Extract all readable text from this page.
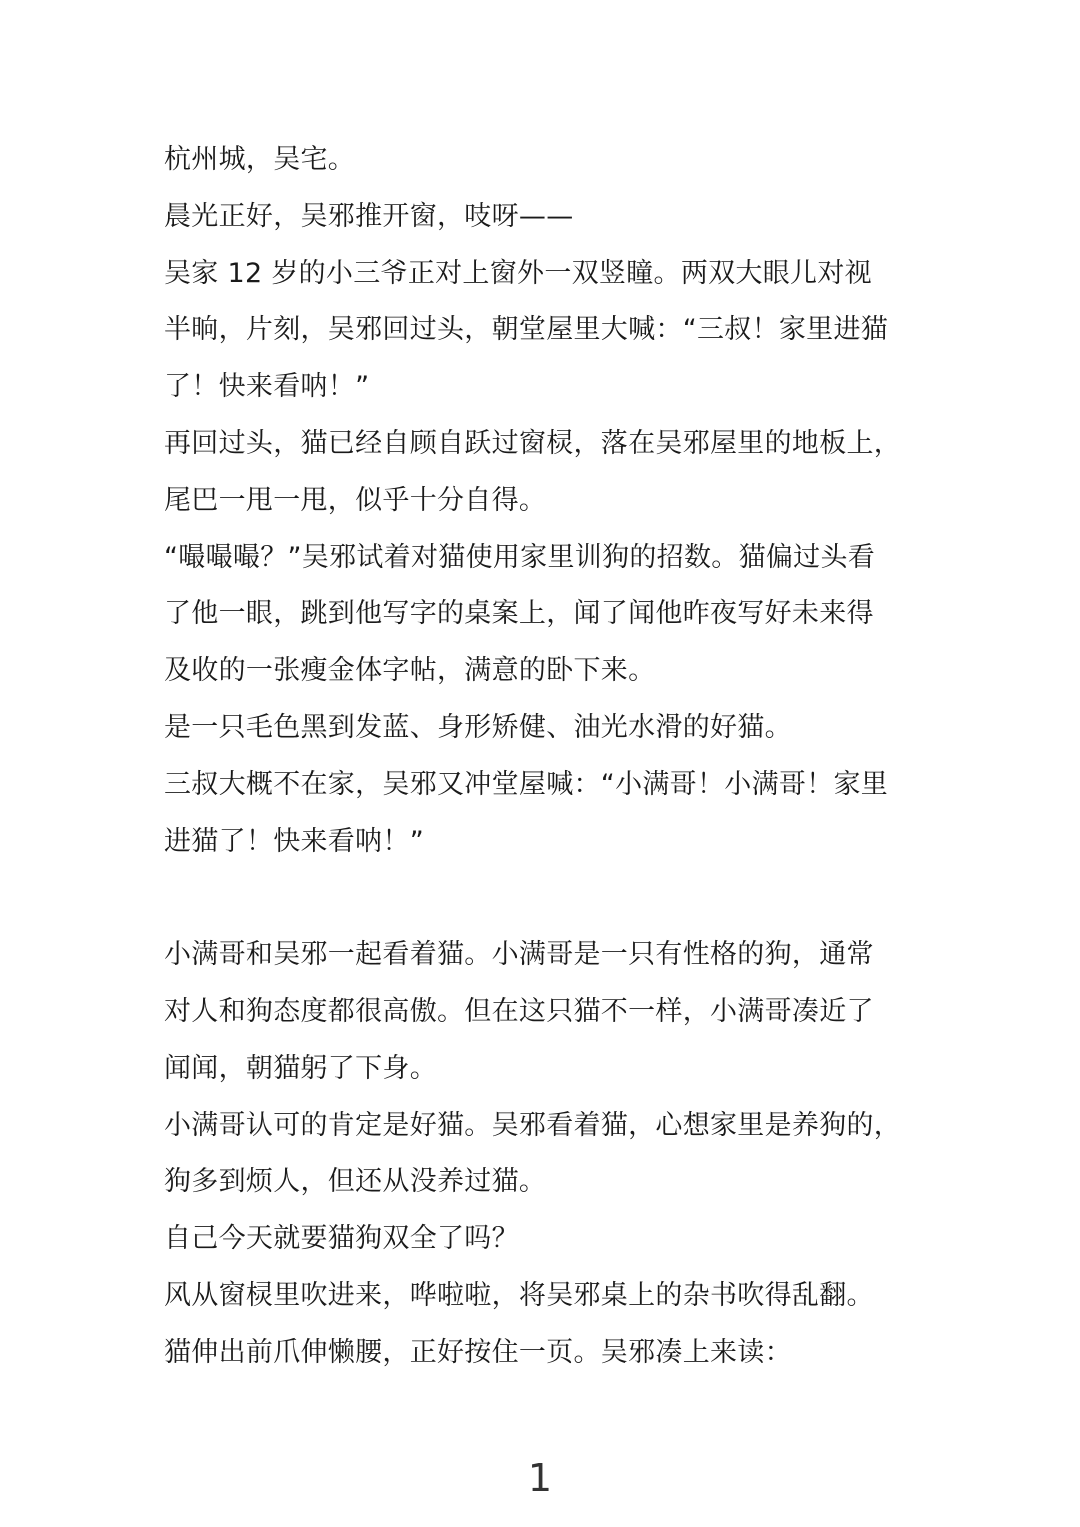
杭州城，吴宅。
晨光正好，吴邪推开窗，吱呀——
吴家 12 岁的小三爷正对上窗外一双竖瞳。两双大眼儿对视
半晌，片刻，吴邪回过头，朝堂屋里大喊：“三叔！家里进猫
了！快来看呐！”
再回过头，猫已经自顾自跃过窗棂，落在吴邪屋里的地板上，
尾巴一甩一甩，似乎十分自得。
“嘬嘬嘬？”吴邪试着对猫使用家里训狗的招数。猫偏过头看
了他一眼，跳到他写字的桌案上，闻了闻他昨夜写好未来得
及收的一张瘦金体字帖，满意的卧下来。
是一只毛色黑到发蓝、身形矫健、油光水滑的好猫。
三叔大概不在家，吴邪又冲堂屋喊：“小满哥！小满哥！家里
进猫了！快来看呐！”
小满哥和吴邪一起看着猫。小满哥是一只有性格的狗，通常
对人和狗态度都很高傲。但在这只猫不一样，小满哥凑近了
闻闻，朝猫躬了下身。
小满哥认可的肯定是好猫。吴邪看着猫，心想家里是养狗的，
狗多到烦人，但还从没养过猫。
自己今天就要猫狗双全了吗？
风从窗棂里吹进来，哗啦啦，将吴邪桌上的杂书吹得乱翻。
猫伸出前爪伸懒腰，正好按住一页。吴邪凑上来读：
1
